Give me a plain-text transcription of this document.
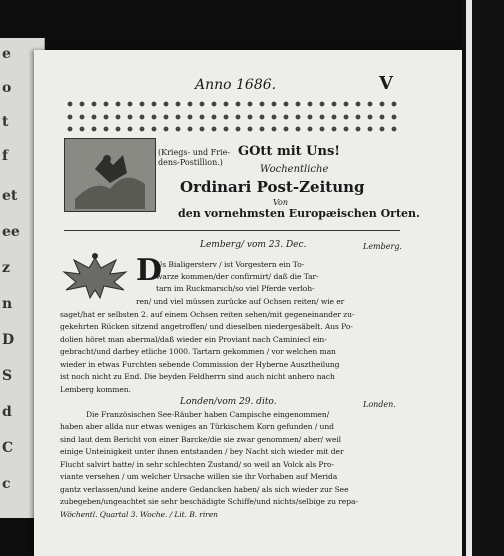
e
o
t
f
et
ee
z
n
D
S
d
C
c
Anno 1686.	V
(Kriegs- und Frie-
dens-Postillion.)
GOtt mit Uns!
Wochentliche
Ordinari Post-Zeitung
Von
den vornehmsten Europæischen Orten.
Lemberg/ vom 23. Dec.	Lemberg.
D
Us Bialigersterv / ist Vorgestern ein To-
warze kommen/der confirmirt/ daß die Tar-
tarn im Ruckmarsch/so viel Pferde verloh-
ren/ und viel müssen zurücke auf Ochsen reiten/ wie er
saget/hat er selbsten 2. auf einem Ochsen reiten sehen/mit gegeneinander zu-
gekehrten Rücken sitzend angetroffen/ und dieselben niedergesäbelt. Aus Po-
dolien höret man abermal/daß wieder ein Proviant nach Caminiecl ein-
gebracht/und darbey etliche 1000. Tartarn gekommen / vor welchen man
wieder in etwas Furchten sebende Commission der Hyberne Ausztheilung
ist noch nicht zu End. Die beyden Feldherrn sind auch nicht anhero nach
Lemberg kommen.
Londen/vom 29. dito.	Londen.
Die Französischen See-Räuber haben Campische eingenommen/
haben aber allda nur etwas weniges an Türkischem Korn gefunden / und
sind laut dem Bericht von einer Barcke/die sie zwar genommen/ aber/ weil
einige Unteinigkeit unter ihnen entstanden / bey Nacht sich wieder mit der
Flucht salvirt hatte/ in sehr schlechten Zustand/ so weil an Volck als Pro-
viante versehen / um welcher Ursache willen sie ihr Vorhaben auf Merida
gantz verlassen/und keine andere Gedancken haben/ als sich wieder zur See
zubegeben/ungeachtet sie sehr beschädigte Schiffe/und nichts/selbige zu repa-
Wöchentl. Quartal 3. Woche. / Lit. B. riren
